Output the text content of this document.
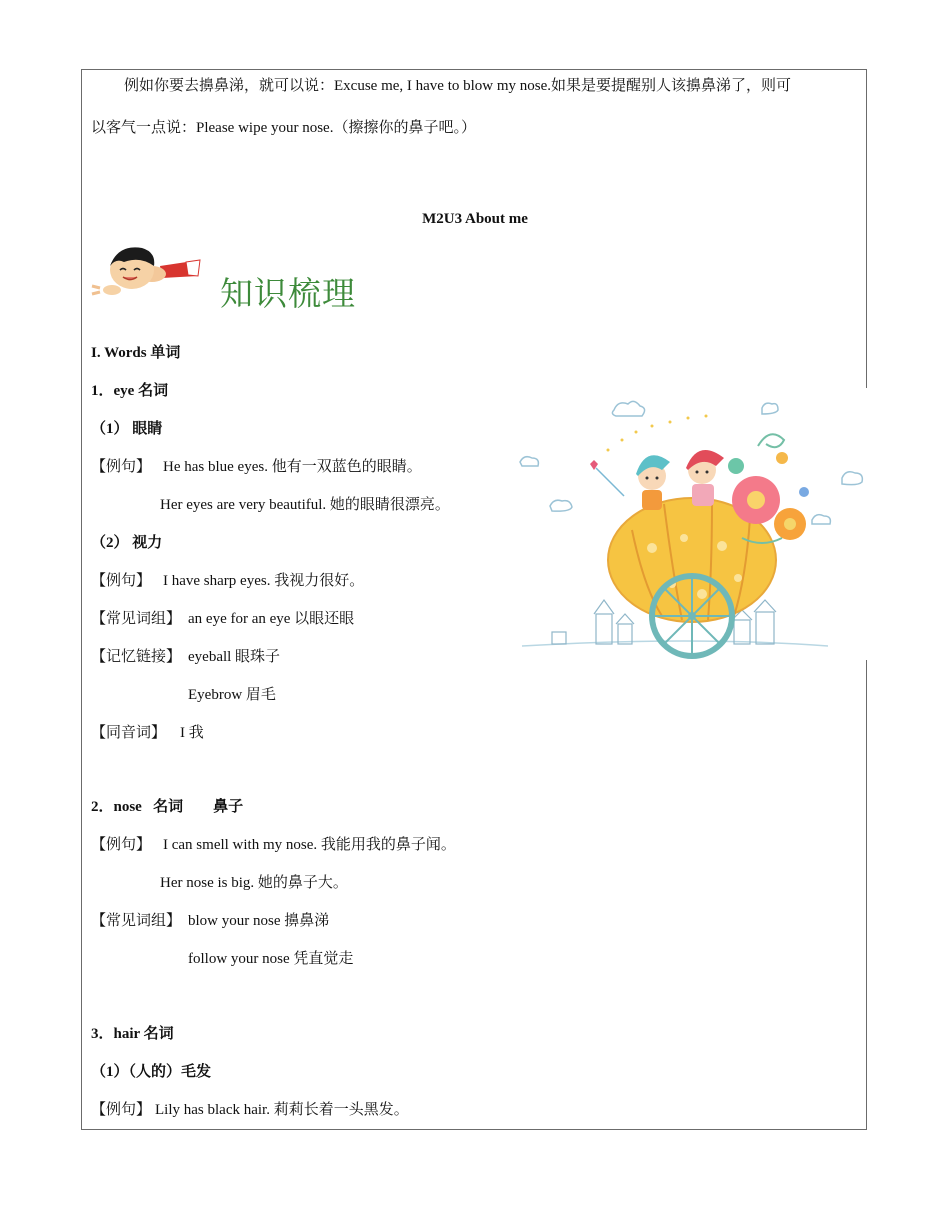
例如你要去擤鼻涕，就可以说：Excuse me, I have to blow my nose.如果是要提醒别人该擤鼻涕了，则可
以客气一点说：Please wipe your nose.（擦擦你的鼻子吧。）
M2U3 About me
知识梳理
I. Words 单词
1．eye 名词
（1） 眼睛
【例句】 He has blue eyes. 他有一双蓝色的眼睛。
Her eyes are very beautiful. 她的眼睛很漂亮。
（2） 视力
【例句】 I have sharp eyes. 我视力很好。
【常见词组】 an eye for an eye 以眼还眼
【记忆链接】 eyeball 眼珠子
Eyebrow 眉毛
【同音词】 I 我
2．nose   名词        鼻子
【例句】 I can smell with my nose. 我能用我的鼻子闻。
Her nose is big. 她的鼻子大。
【常见词组】 blow your nose 擤鼻涕
follow your nose 凭直觉走
3．hair 名词
（1）（人的）毛发
【例句】 Lily has black hair. 莉莉长着一头黑发。
